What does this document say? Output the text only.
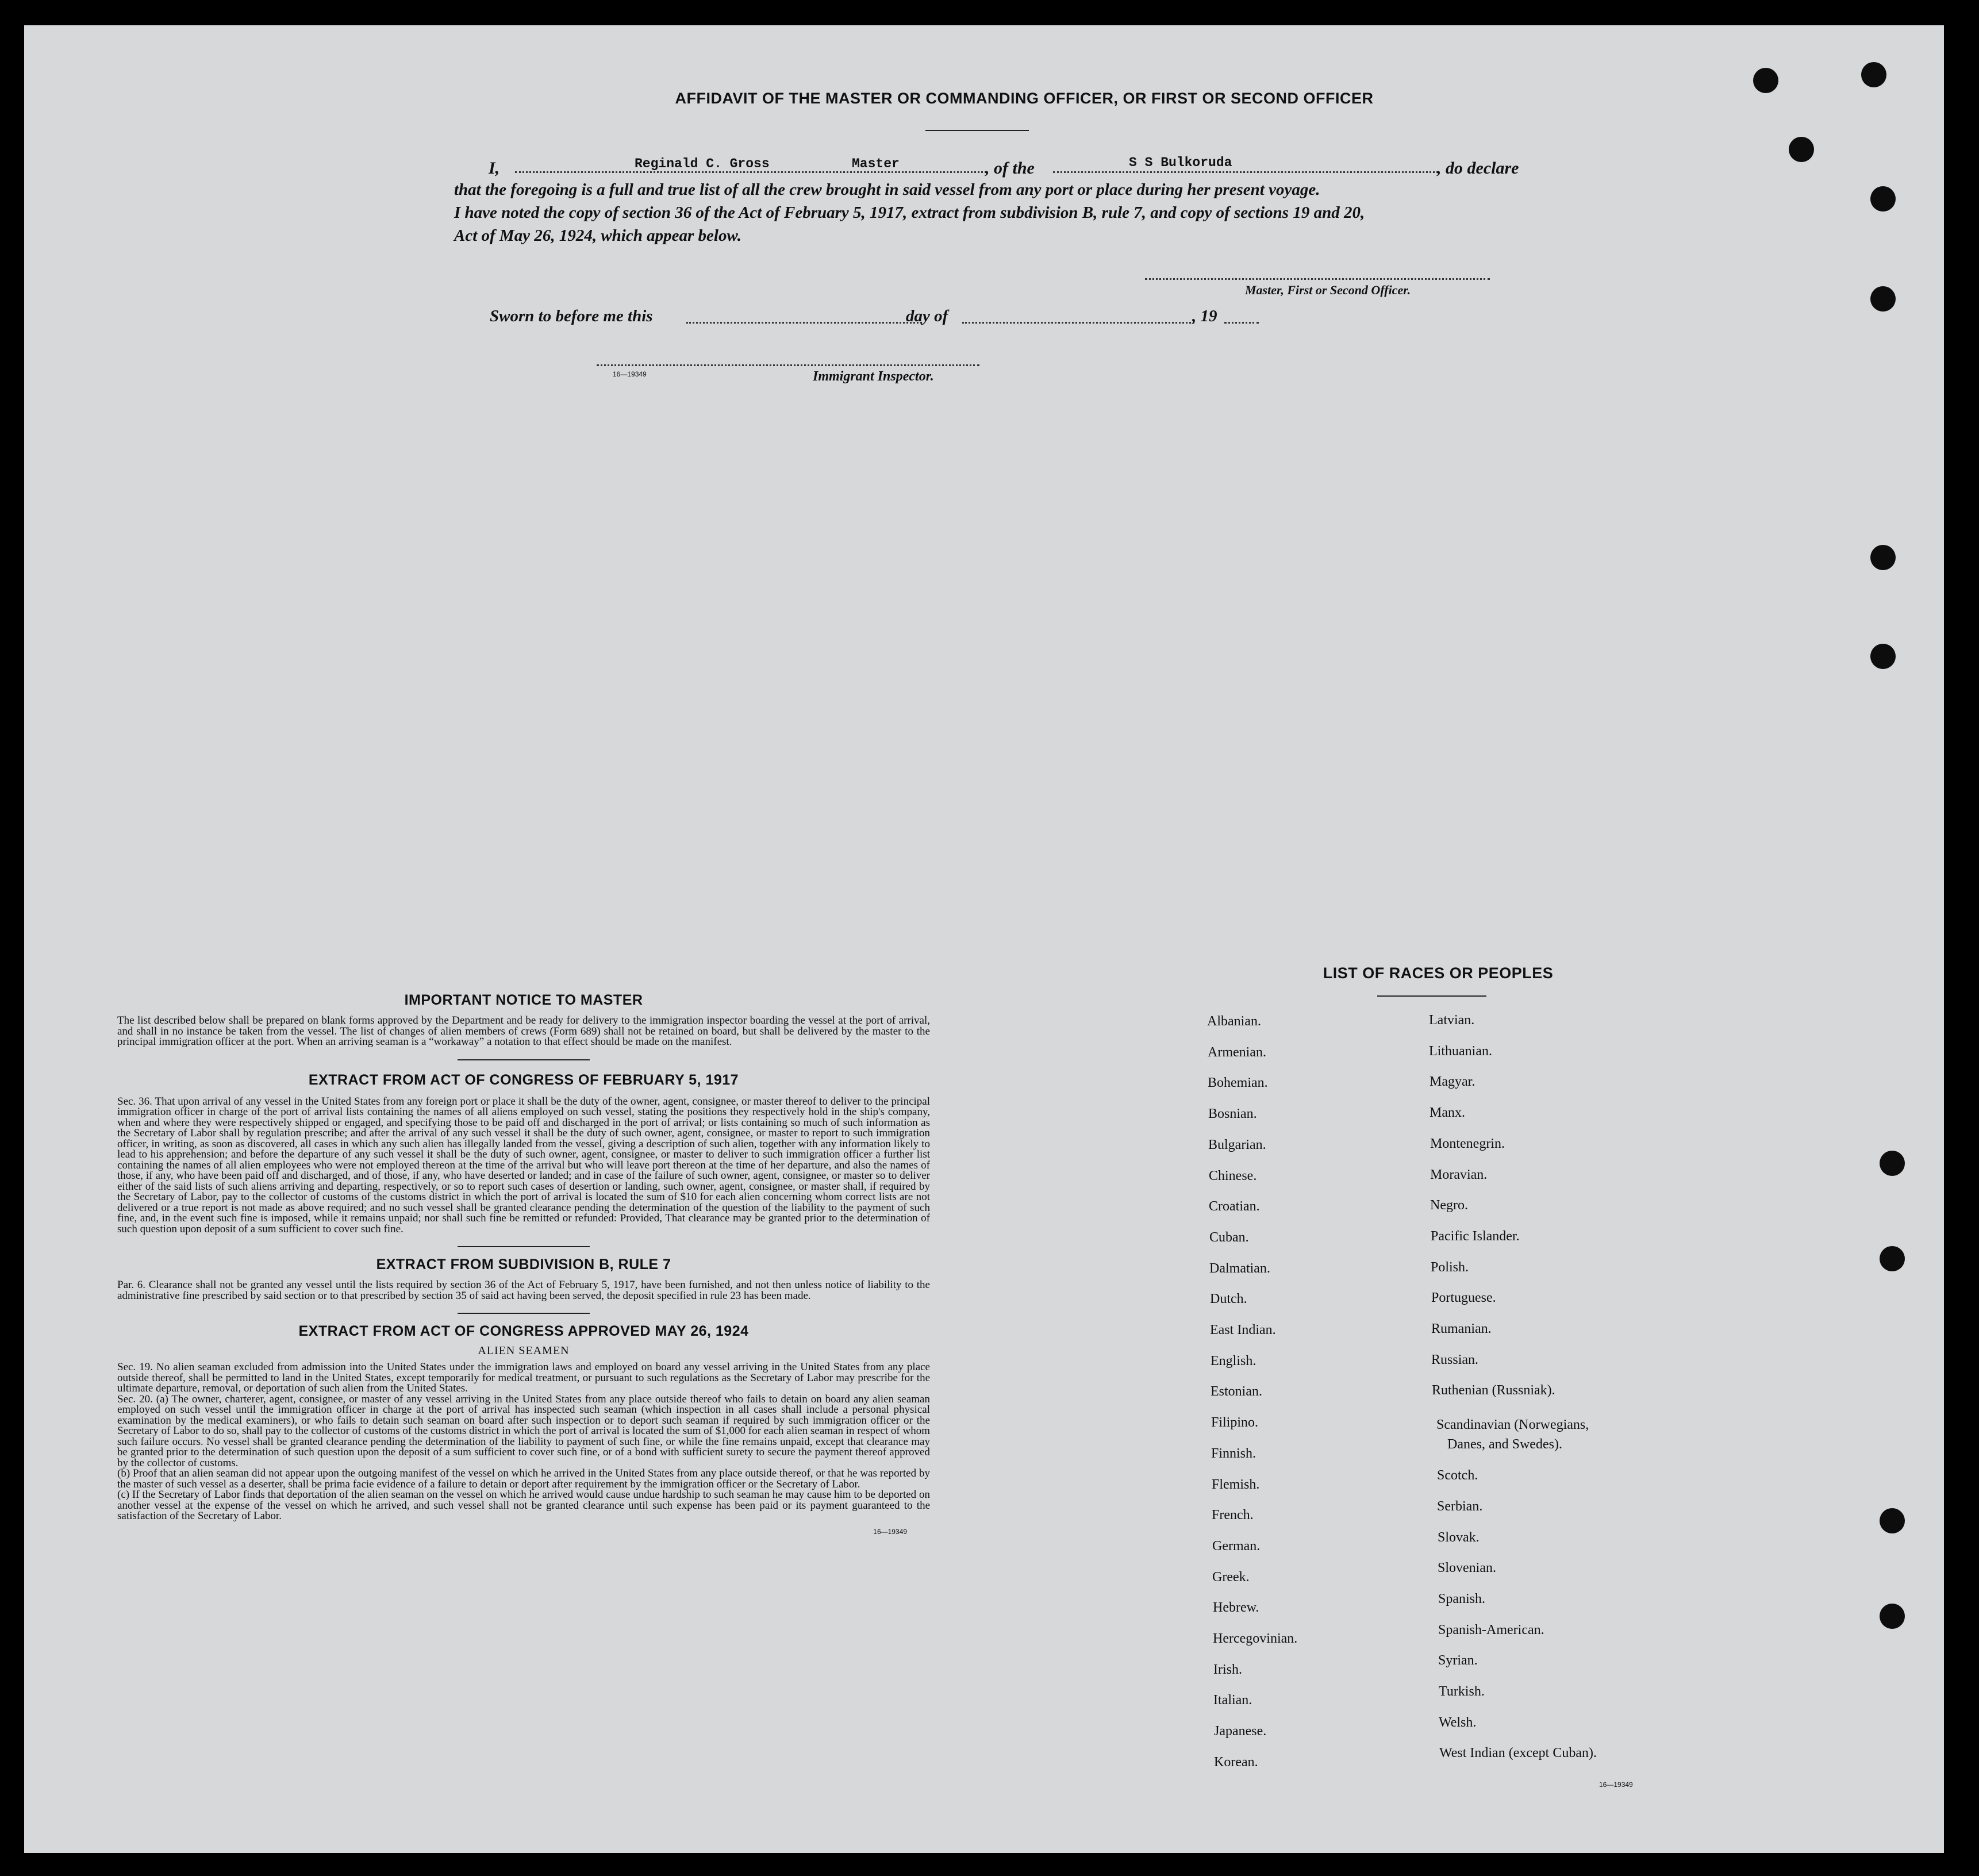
AFFIDAVIT OF THE MASTER OR COMMANDING OFFICER, OR FIRST OR SECOND OFFICER
I,	Reginald C. Gross	Master	, of the	S S Bulkoruda	, do declare
that the foregoing is a full and true list of all the crew brought in said vessel from any port or place during her present voyage.
I have noted the copy of section 36 of the Act of February 5, 1917, extract from subdivision B, rule 7, and copy of sections 19 and 20,
Act of May 26, 1924, which appear below.
Master, First or Second Officer.
Sworn to before me this	day of	, 19
16—19349	Immigrant Inspector.
IMPORTANT NOTICE TO MASTER
The list described below shall be prepared on blank forms approved by the Department and be ready for delivery to the immigration inspector boarding the vessel at the port of arrival, and shall in no instance be taken from the vessel. The list of changes of alien members of crews (Form 689) shall not be retained on board, but shall be delivered by the master to the principal immigration officer at the port. When an arriving seaman is a “workaway” a notation to that effect should be made on the manifest.
EXTRACT FROM ACT OF CONGRESS OF FEBRUARY 5, 1917
Sec. 36. That upon arrival of any vessel in the United States from any foreign port or place it shall be the duty of the owner, agent, consignee, or master thereof to deliver to the principal immigration officer in charge of the port of arrival lists containing the names of all aliens employed on such vessel, stating the positions they respectively hold in the ship's company, when and where they were respectively shipped or engaged, and specifying those to be paid off and discharged in the port of arrival; or lists containing so much of such information as the Secretary of Labor shall by regulation prescribe; and after the arrival of any such vessel it shall be the duty of such owner, agent, consignee, or master to report to such immigration officer, in writing, as soon as discovered, all cases in which any such alien has illegally landed from the vessel, giving a description of such alien, together with any information likely to lead to his apprehension; and before the departure of any such vessel it shall be the duty of such owner, agent, consignee, or master to deliver to such immigration officer a further list containing the names of all alien employees who were not employed thereon at the time of the arrival but who will leave port thereon at the time of her departure, and also the names of those, if any, who have been paid off and discharged, and of those, if any, who have deserted or landed; and in case of the failure of such owner, agent, consignee, or master so to deliver either of the said lists of such aliens arriving and departing, respectively, or so to report such cases of desertion or landing, such owner, agent, consignee, or master shall, if required by the Secretary of Labor, pay to the collector of customs of the customs district in which the port of arrival is located the sum of $10 for each alien concerning whom correct lists are not delivered or a true report is not made as above required; and no such vessel shall be granted clearance pending the determination of the question of the liability to the payment of such fine, and, in the event such fine is imposed, while it remains unpaid; nor shall such fine be remitted or refunded: Provided, That clearance may be granted prior to the determination of such question upon deposit of a sum sufficient to cover such fine.
EXTRACT FROM SUBDIVISION B, RULE 7
Par. 6. Clearance shall not be granted any vessel until the lists required by section 36 of the Act of February 5, 1917, have been furnished, and not then unless notice of liability to the administrative fine prescribed by said section or to that prescribed by section 35 of said act having been served, the deposit specified in rule 23 has been made.
EXTRACT FROM ACT OF CONGRESS APPROVED MAY 26, 1924
ALIEN SEAMEN
Sec. 19. No alien seaman excluded from admission into the United States under the immigration laws and employed on board any vessel arriving in the United States from any place outside thereof, shall be permitted to land in the United States, except temporarily for medical treatment, or pursuant to such regulations as the Secretary of Labor may prescribe for the ultimate departure, removal, or deportation of such alien from the United States.
Sec. 20. (a) The owner, charterer, agent, consignee, or master of any vessel arriving in the United States from any place outside thereof who fails to detain on board any alien seaman employed on such vessel until the immigration officer in charge at the port of arrival has inspected such seaman (which inspection in all cases shall include a personal physical examination by the medical examiners), or who fails to detain such seaman on board after such inspection or to deport such seaman if required by such immigration officer or the Secretary of Labor to do so, shall pay to the collector of customs of the customs district in which the port of arrival is located the sum of $1,000 for each alien seaman in respect of whom such failure occurs. No vessel shall be granted clearance pending the determination of the liability to payment of such fine, or while the fine remains unpaid, except that clearance may be granted prior to the determination of such question upon the deposit of a sum sufficient to cover such fine, or of a bond with sufficient surety to secure the payment thereof approved by the collector of customs.
(b) Proof that an alien seaman did not appear upon the outgoing manifest of the vessel on which he arrived in the United States from any place outside thereof, or that he was reported by the master of such vessel as a deserter, shall be prima facie evidence of a failure to detain or deport after requirement by the immigration officer or the Secretary of Labor.
(c) If the Secretary of Labor finds that deportation of the alien seaman on the vessel on which he arrived would cause undue hardship to such seaman he may cause him to be deported on another vessel at the expense of the vessel on which he arrived, and such vessel shall not be granted clearance until such expense has been paid or its payment guaranteed to the satisfaction of the Secretary of Labor.
16—19349
LIST OF RACES OR PEOPLES
Albanian.
Armenian.
Bohemian.
Bosnian.
Bulgarian.
Chinese.
Croatian.
Cuban.
Dalmatian.
Dutch.
East Indian.
English.
Estonian.
Filipino.
Finnish.
Flemish.
French.
German.
Greek.
Hebrew.
Hercegovinian.
Irish.
Italian.
Japanese.
Korean.
Latvian.
Lithuanian.
Magyar.
Manx.
Montenegrin.
Moravian.
Negro.
Pacific Islander.
Polish.
Portuguese.
Rumanian.
Russian.
Ruthenian (Russniak).
Scandinavian (Norwegians,
Danes, and Swedes).
Scotch.
Serbian.
Slovak.
Slovenian.
Spanish.
Spanish-American.
Syrian.
Turkish.
Welsh.
West Indian (except Cuban).
16—19349
